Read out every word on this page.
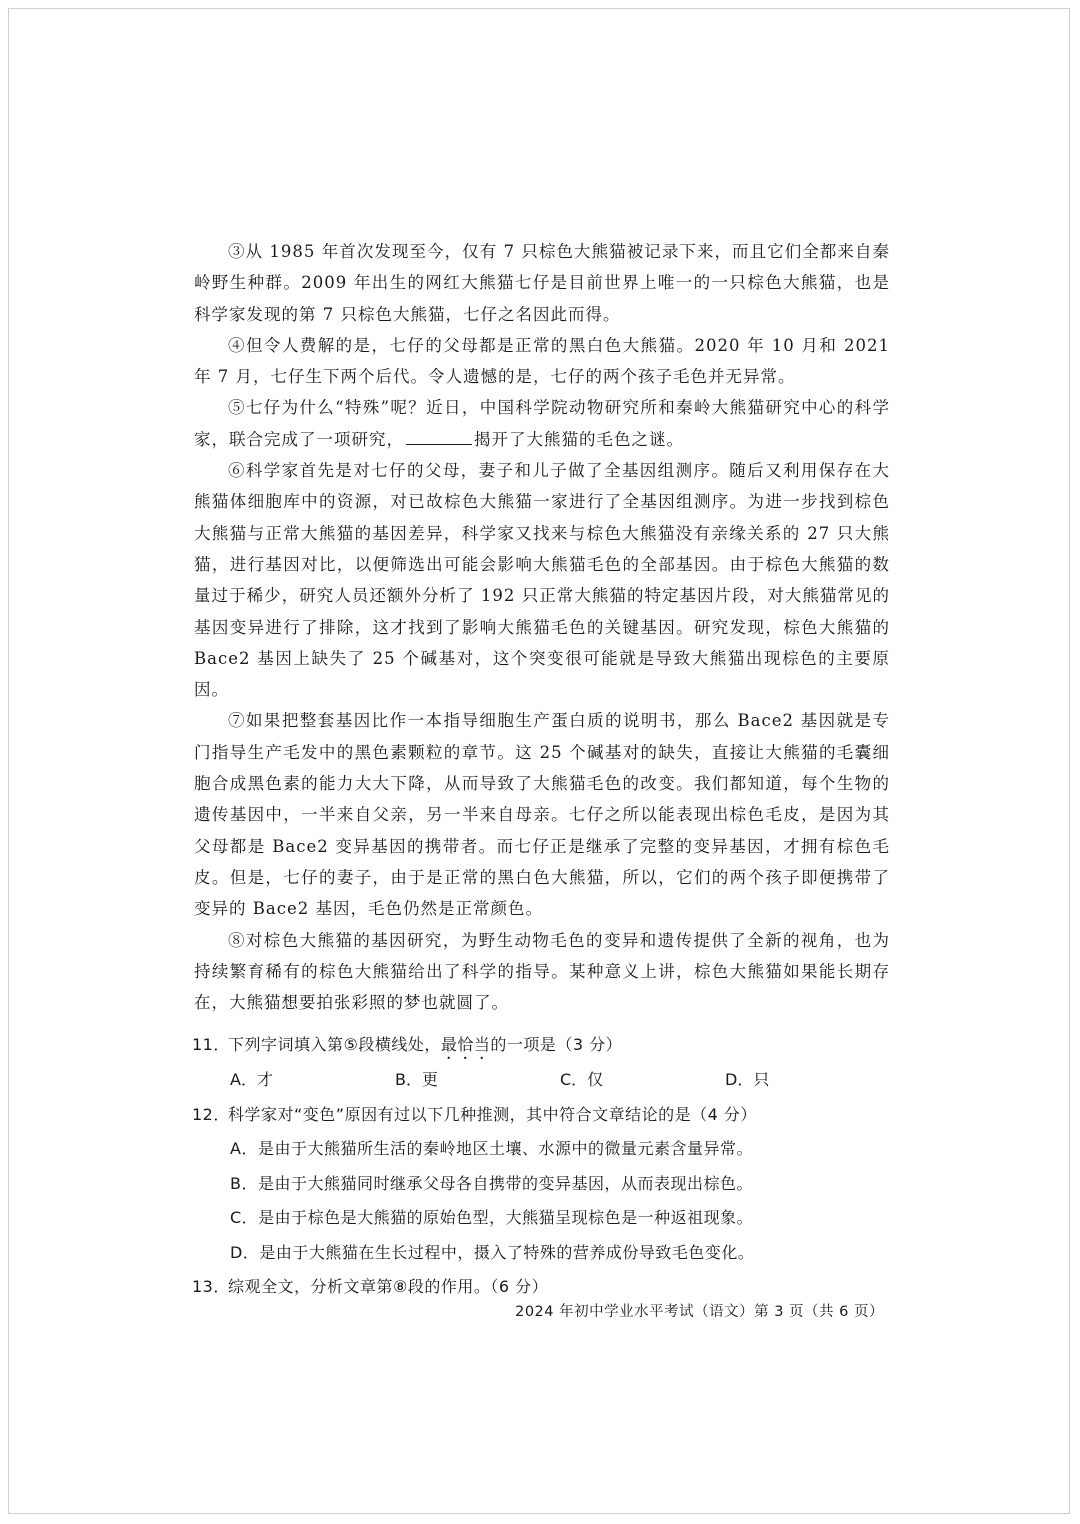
③从 1985 年首次发现至今，仅有 7 只棕色大熊猫被记录下来，而且它们全都来自秦岭野生种群。2009 年出生的网红大熊猫七仔是目前世界上唯一的一只棕色大熊猫，也是科学家发现的第 7 只棕色大熊猫，七仔之名因此而得。

④但令人费解的是，七仔的父母都是正常的黑白色大熊猫。2020 年 10 月和 2021 年 7 月，七仔生下两个后代。令人遗憾的是，七仔的两个孩子毛色并无异常。

⑤七仔为什么“特殊”呢？近日，中国科学院动物研究所和秦岭大熊猫研究中心的科学家，联合完成了一项研究，	揭开了大熊猫的毛色之谜。

⑥科学家首先是对七仔的父母，妻子和儿子做了全基因组测序。随后又利用保存在大熊猫体细胞库中的资源，对已故棕色大熊猫一家进行了全基因组测序。为进一步找到棕色大熊猫与正常大熊猫的基因差异，科学家又找来与棕色大熊猫没有亲缘关系的 27 只大熊猫，进行基因对比，以便筛选出可能会影响大熊猫毛色的全部基因。由于棕色大熊猫的数量过于稀少，研究人员还额外分析了 192 只正常大熊猫的特定基因片段，对大熊猫常见的基因变异进行了排除，这才找到了影响大熊猫毛色的关键基因。研究发现，棕色大熊猫的 Bace2 基因上缺失了 25 个碱基对，这个突变很可能就是导致大熊猫出现棕色的主要原因。

⑦如果把整套基因比作一本指导细胞生产蛋白质的说明书，那么 Bace2 基因就是专门指导生产毛发中的黑色素颗粒的章节。这 25 个碱基对的缺失，直接让大熊猫的毛囊细胞合成黑色素的能力大大下降，从而导致了大熊猫毛色的改变。我们都知道，每个生物的遗传基因中，一半来自父亲，另一半来自母亲。七仔之所以能表现出棕色毛皮，是因为其父母都是 Bace2 变异基因的携带者。而七仔正是继承了完整的变异基因，才拥有棕色毛皮。但是，七仔的妻子，由于是正常的黑白色大熊猫，所以，它们的两个孩子即便携带了变异的 Bace2 基因，毛色仍然是正常颜色。

⑧对棕色大熊猫的基因研究，为野生动物毛色的变异和遗传提供了全新的视角，也为持续繁育稀有的棕色大熊猫给出了科学的指导。某种意义上讲，棕色大熊猫如果能长期存在，大熊猫想要拍张彩照的梦也就圆了。

11．下列字词填入第⑤段横线处，最恰当的一项是（3 分）

A．才	B．更	C．仅	D．只

12．科学家对“变色”原因有过以下几种推测，其中符合文章结论的是（4 分）

A．是由于大熊猫所生活的秦岭地区土壤、水源中的微量元素含量异常。

B．是由于大熊猫同时继承父母各自携带的变异基因，从而表现出棕色。

C．是由于棕色是大熊猫的原始色型，大熊猫呈现棕色是一种返祖现象。

D．是由于大熊猫在生长过程中，摄入了特殊的营养成份导致毛色变化。

13．综观全文，分析文章第⑧段的作用。（6 分）

2024 年初中学业水平考试（语文）第 3 页（共 6 页）
